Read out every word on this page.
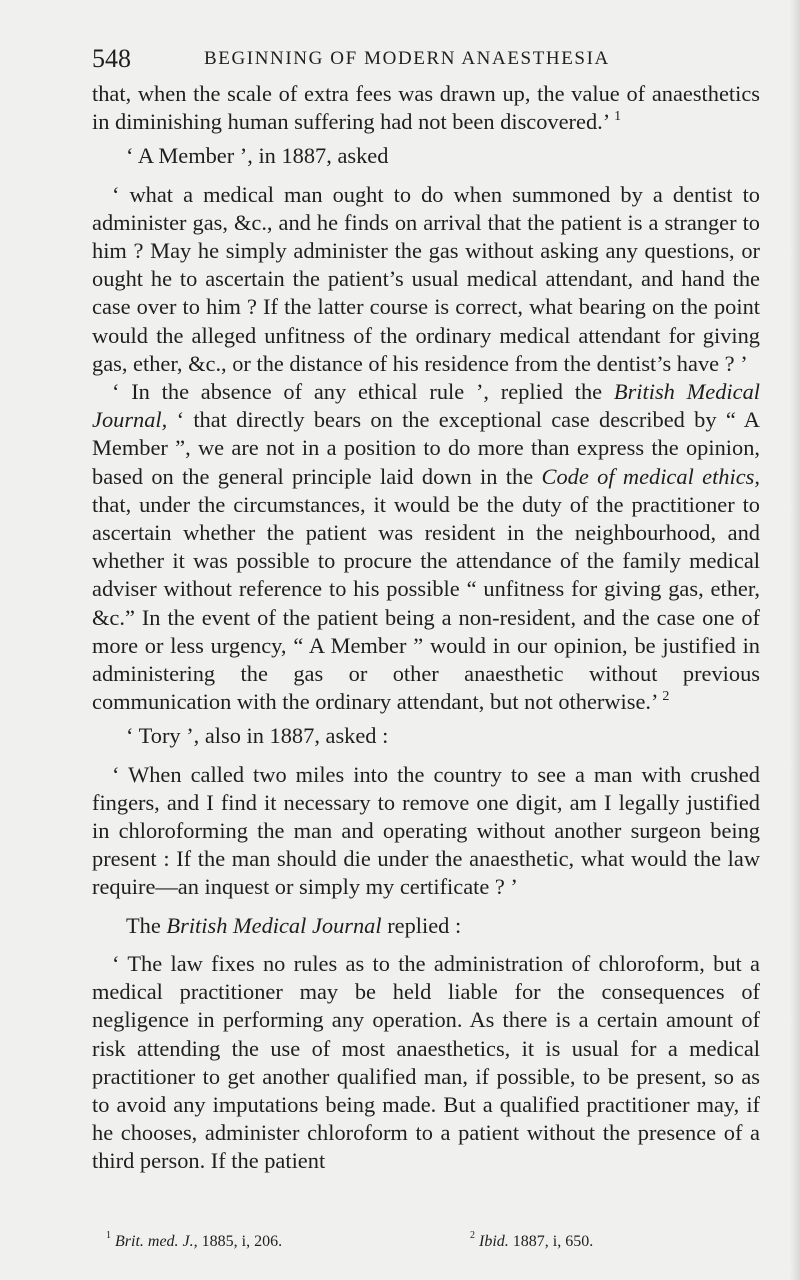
548	BEGINNING OF MODERN ANAESTHESIA

that, when the scale of extra fees was drawn up, the value of anaesthetics in diminishing human suffering had not been discovered.’ $^1$

‘ A Member ’, in 1887, asked

‘ what a medical man ought to do when summoned by a dentist to administer gas, &c., and he finds on arrival that the patient is a stranger to him ? May he simply administer the gas without asking any questions, or ought he to ascertain the patient’s usual medical attendant, and hand the case over to him ? If the latter course is correct, what bearing on the point would the alleged unfitness of the ordinary medical attendant for giving gas, ether, &c., or the distance of his residence from the dentist’s have ? ’

‘ In the absence of any ethical rule ’, replied the British Medical Journal, ‘ that directly bears on the exceptional case described by “ A Member ”, we are not in a position to do more than express the opinion, based on the general principle laid down in the Code of medical ethics, that, under the circumstances, it would be the duty of the practitioner to ascertain whether the patient was resident in the neighbourhood, and whether it was possible to procure the attendance of the family medical adviser without reference to his possible “ unfitness for giving gas, ether, &c.” In the event of the patient being a non-resident, and the case one of more or less urgency, “ A Member ” would in our opinion, be justified in administering the gas or other anaesthetic without previous communication with the ordinary attendant, but not otherwise.’ $^2$

‘ Tory ’, also in 1887, asked :

‘ When called two miles into the country to see a man with crushed fingers, and I find it necessary to remove one digit, am I legally justified in chloroforming the man and operating without another surgeon being present : If the man should die under the anaesthetic, what would the law require—an inquest or simply my certificate ? ’

The British Medical Journal replied :

‘ The law fixes no rules as to the administration of chloroform, but a medical practitioner may be held liable for the consequences of negligence in performing any operation. As there is a certain amount of risk attending the use of most anaesthetics, it is usual for a medical practitioner to get another qualified man, if possible, to be present, so as to avoid any imputations being made. But a qualified practitioner may, if he chooses, administer chloroform to a patient without the presence of a third person. If the patient

$^1$ Brit. med. J., 1885, i, 206.	$^2$ Ibid. 1887, i, 650.
